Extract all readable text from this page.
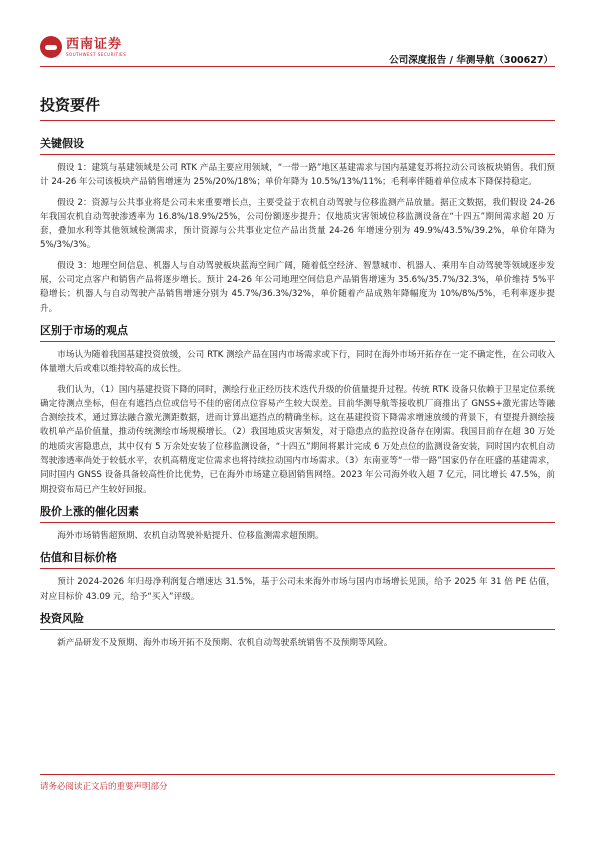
西南证券
SOUTHWEST SECURITIES
公司深度报告 / 华测导航（300627）
投资要件
关键假设

假设 1：建筑与基建领域是公司 RTK 产品主要应用领域，“一带一路”地区基建需求与国内基建复苏将拉动公司该板块销售。我们预计 24-26 年公司该板块产品销售增速为 25%/20%/18%；单价年降为 10.5%/13%/11%；毛利率伴随着单位成本下降保持稳定。

假设 2：资源与公共事业将是公司未来重要增长点，主要受益于农机自动驾驶与位移监测产品放量。据正文数据，我们假设 24-26 年我国农机自动驾驶渗透率为 16.8%/18.9%/25%，公司份额逐步提升；仅地质灾害领域位移监测设备在“十四五”期间需求超 20 万套，叠加水利等其他领域检测需求，预计资源与公共事业定位产品出货量 24-26 年增速分别为 49.9%/43.5%/39.2%，单价年降为 5%/3%/3%。

假设 3：地理空间信息、机器人与自动驾驶板块蓝海空间广阔，随着低空经济、智慧城市、机器人、乘用车自动驾驶等领域逐步发展，公司定点客户和销售产品将逐步增长。预计 24-26 年公司地理空间信息产品销售增速为 35.6%/35.7%/32.3%，单价维持 5%平稳增长；机器人与自动驾驶产品销售增速分别为 45.7%/36.3%/32%，单价随着产品成熟年降幅度为 10%/8%/5%，毛利率逐步提升。

区别于市场的观点

市场认为随着我国基建投资放缓，公司 RTK 测绘产品在国内市场需求或下行，同时在海外市场开拓存在一定不确定性，在公司收入体量增大后或难以维持较高的成长性。

我们认为，（1）国内基建投资下降的同时，测绘行业正经历技术迭代升级的价值量提升过程。传统 RTK 设备只依赖于卫星定位系统确定待测点坐标，但在有遮挡点位或信号不佳的密闭点位容易产生较大误差。目前华测导航等接收机厂商推出了 GNSS+激光雷达等融合测绘技术，通过算法融合激光测距数据，进而计算出遮挡点的精确坐标。这在基建投资下降需求增速放缓的背景下，有望提升测绘接收机单产品价值量，推动传统测绘市场规模增长。（2）我国地质灾害频发，对于隐患点的监控设备存在刚需。我国目前存在超 30 万处的地质灾害隐患点，其中仅有 5 万余处安装了位移监测设备，“十四五”期间将累计完成 6 万处点位的监测设备安装，同时国内农机自动驾驶渗透率尚处于较低水平，农机高精度定位需求也将持续拉动国内市场需求。（3）东南亚等“一带一路”国家仍存在旺盛的基建需求，同时国内 GNSS 设备具备较高性价比优势，已在海外市场建立稳固销售网络。2023 年公司海外收入超 7 亿元，同比增长 47.5%，前期投资布局已产生较好回报。

股价上涨的催化因素

海外市场销售超预期、农机自动驾驶补贴提升、位移监测需求超预期。

估值和目标价格

预计 2024-2026 年归母净利润复合增速达 31.5%，基于公司未来海外市场与国内市场增长见顶，给予 2025 年 31 倍 PE 估值，对应目标价 43.09 元，给予“买入”评级。

投资风险

新产品研发不及预期、海外市场开拓不及预期、农机自动驾驶系统销售不及预期等风险。

请务必阅读正文后的重要声明部分
